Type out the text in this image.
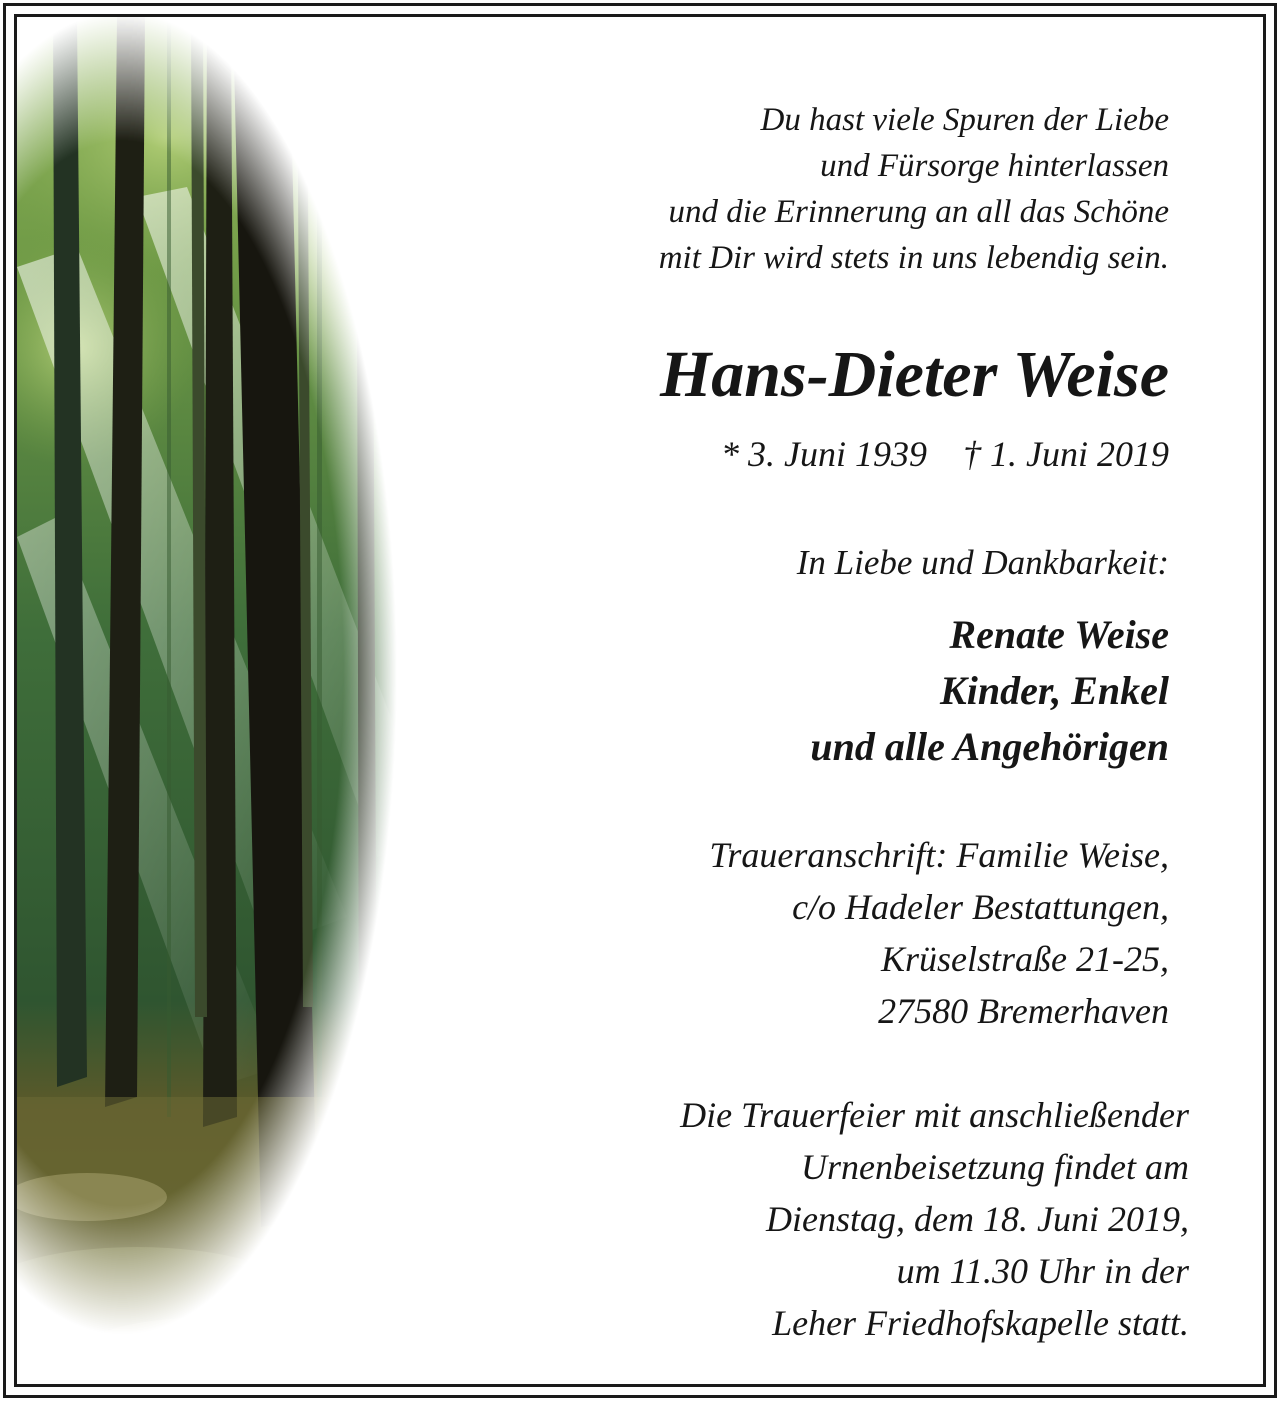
Du hast viele Spuren der Liebe
und Fürsorge hinterlassen
und die Erinnerung an all das Schöne
mit Dir wird stets in uns lebendig sein.
Hans-Dieter Weise
* 3. Juni 1939 † 1. Juni 2019
In Liebe und Dankbarkeit:
Renate Weise
Kinder, Enkel
und alle Angehörigen
Traueranschrift: Familie Weise,
c/o Hadeler Bestattungen,
Krüselstraße 21-25,
27580 Bremerhaven
Die Trauerfeier mit anschließender
Urnenbeisetzung findet am
Dienstag, dem 18. Juni 2019,
um 11.30 Uhr in der
Leher Friedhofskapelle statt.
